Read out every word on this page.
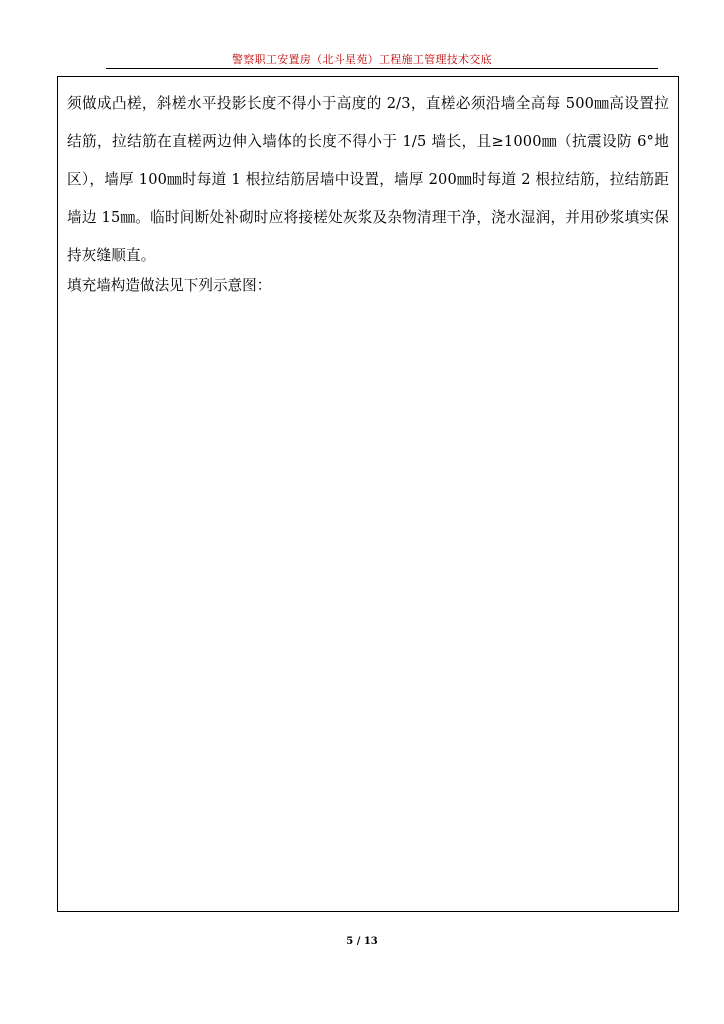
警察职工安置房（北斗星苑）工程施工管理技术交底

须做成凸槎，斜槎水平投影长度不得小于高度的 2/3，直槎必须沿墙全高每 500㎜高设置拉结筋，拉结筋在直槎两边伸入墙体的长度不得小于 1/5 墙长，且≥1000㎜（抗震设防 6°地区），墙厚 100㎜时每道 1 根拉结筋居墙中设置，墙厚 200㎜时每道 2 根拉结筋，拉结筋距墙边 15㎜。临时间断处补砌时应将接槎处灰浆及杂物清理干净，浇水湿润，并用砂浆填实保持灰缝顺直。

填充墙构造做法见下列示意图：

5 / 13
